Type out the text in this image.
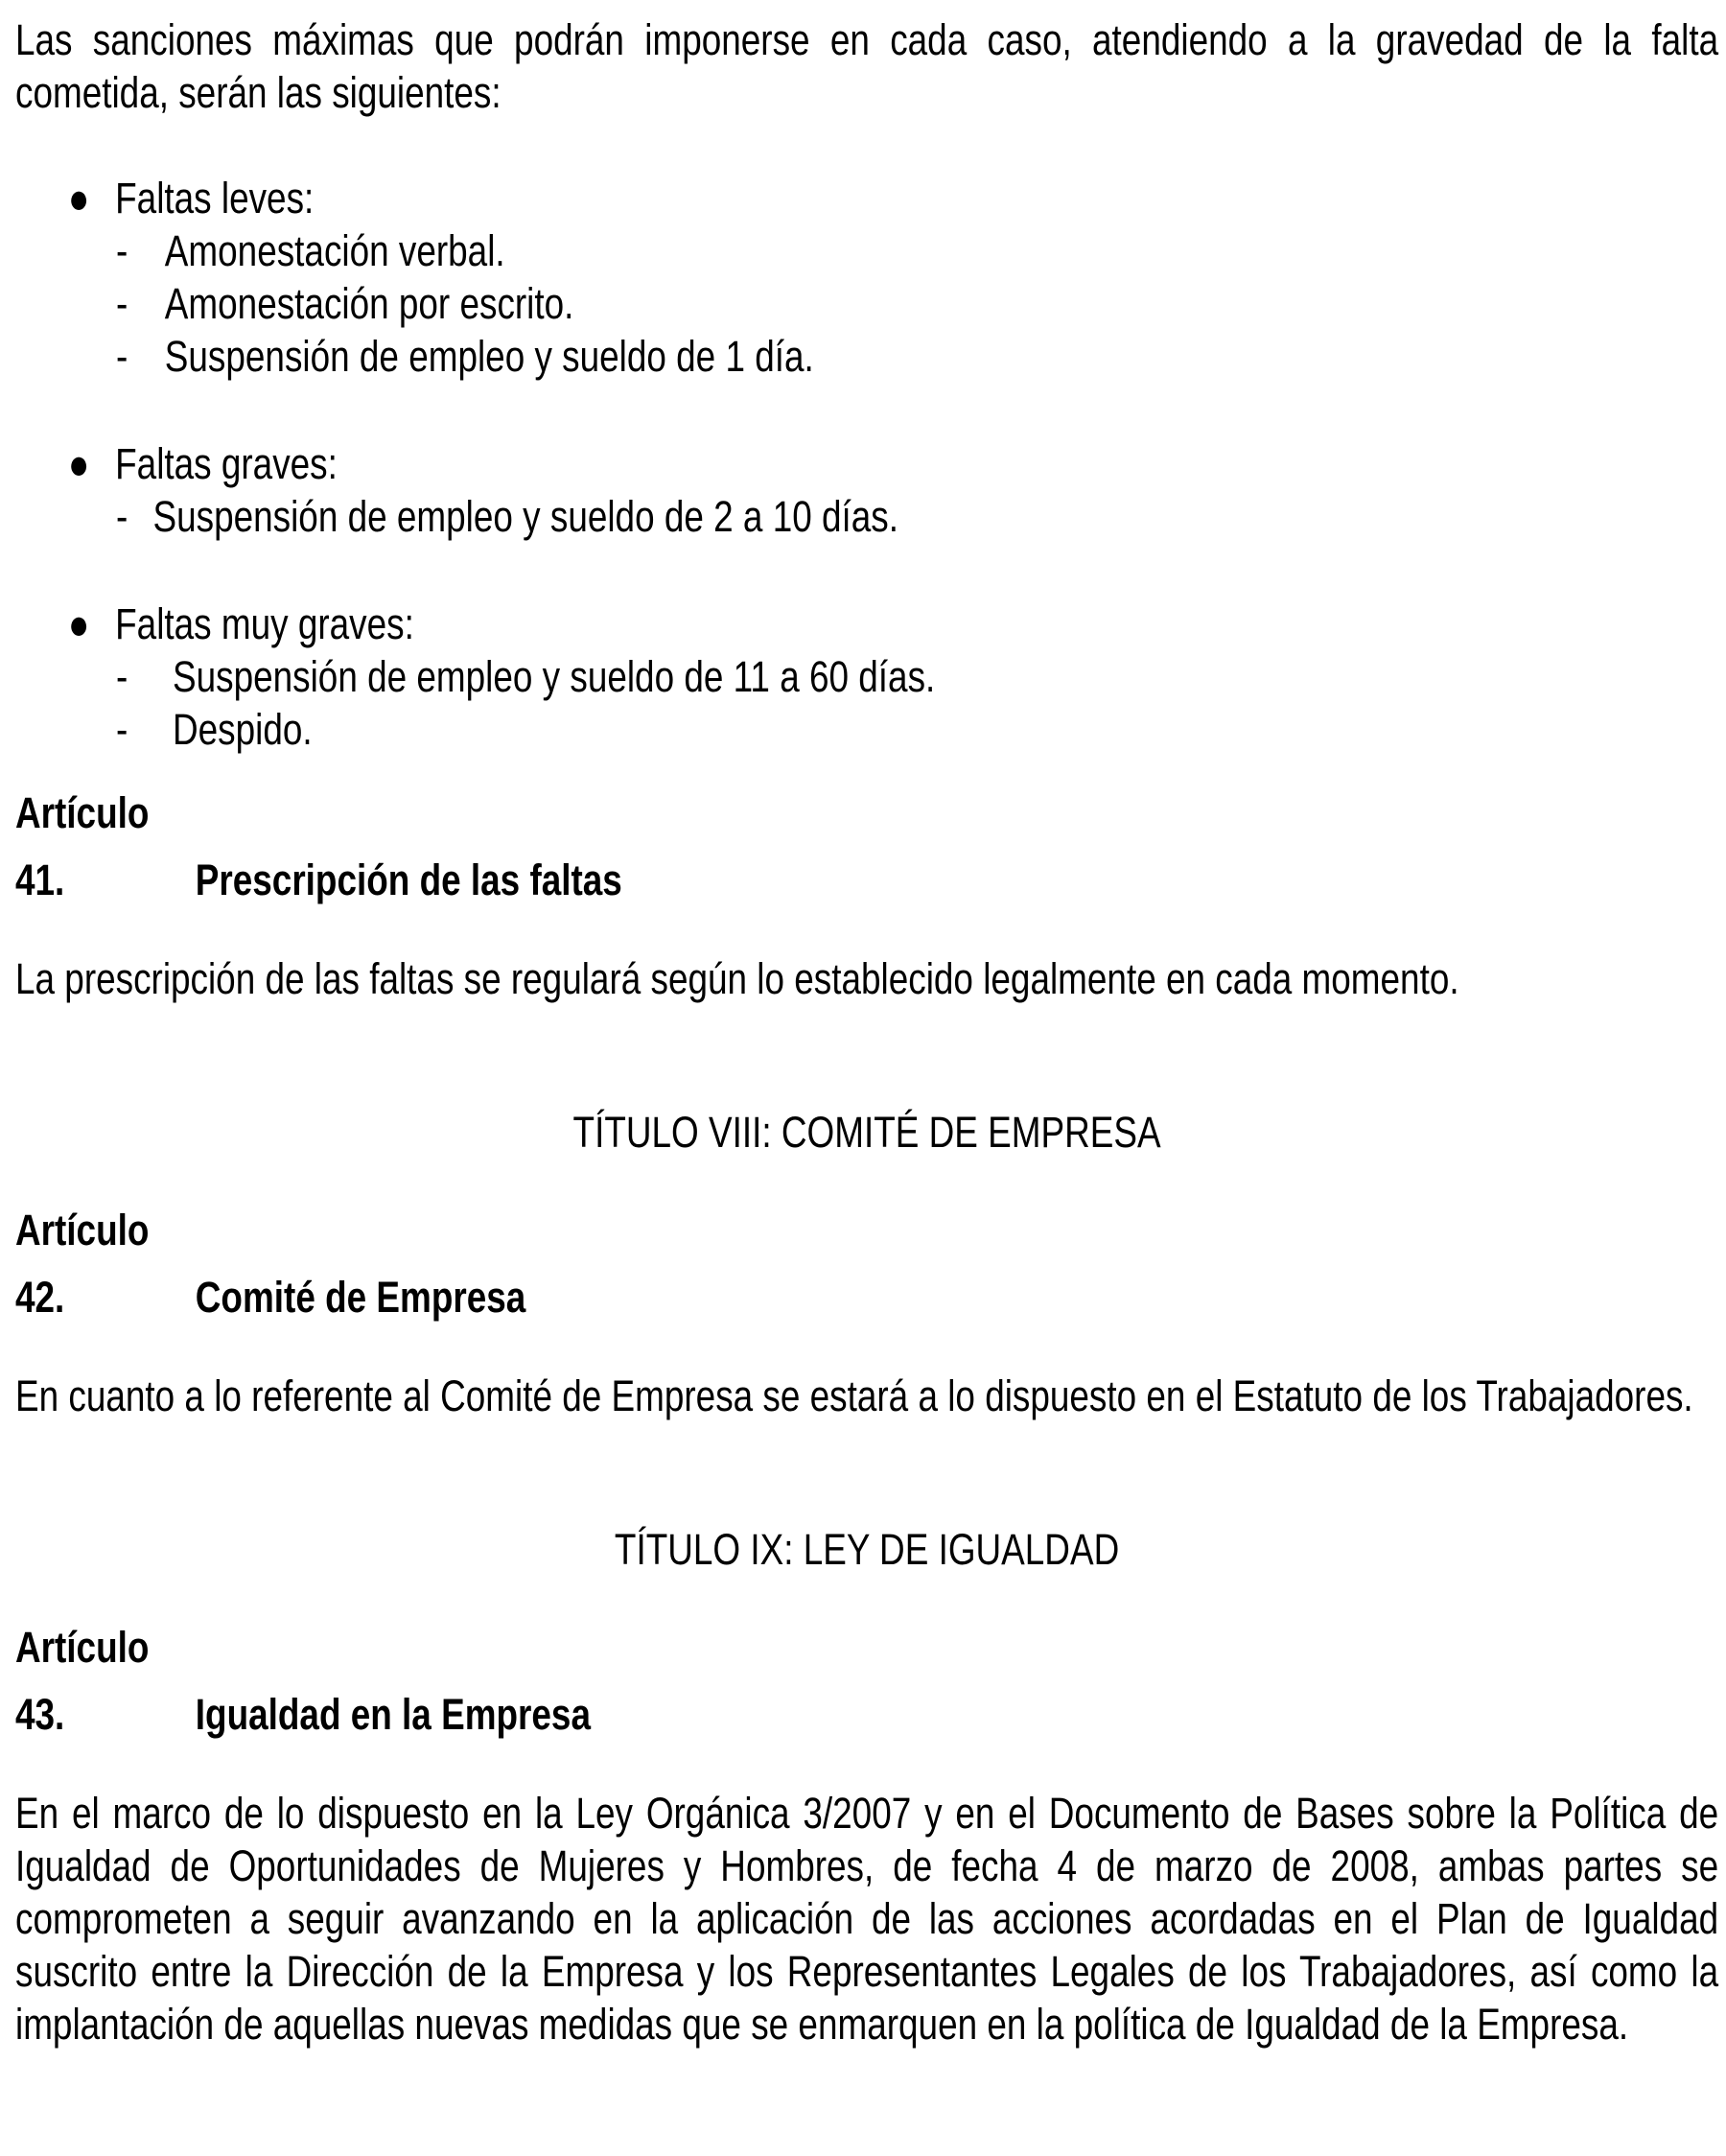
Las sanciones máximas que podrán imponerse en cada caso, atendiendo a la gravedad de la falta cometida, serán las siguientes:

● Faltas leves:
- Amonestación verbal.
- Amonestación por escrito.
- Suspensión de empleo y sueldo de 1 día.
● Faltas graves:
- Suspensión de empleo y sueldo de 2 a 10 días.
● Faltas muy graves:
- Suspensión de empleo y sueldo de 11 a 60 días.
- Despido.
Artículo 41.	Prescripción de las faltas

La prescripción de las faltas se regulará según lo establecido legalmente en cada momento.

TÍTULO VIII: COMITÉ DE EMPRESA

Artículo 42.	Comité de Empresa

En cuanto a lo referente al Comité de Empresa se estará a lo dispuesto en el Estatuto de los Trabajadores.

TÍTULO IX: LEY DE IGUALDAD

Artículo 43.	Igualdad en la Empresa

En el marco de lo dispuesto en la Ley Orgánica 3/2007 y en el Documento de Bases sobre la Política de Igualdad de Oportunidades de Mujeres y Hombres, de fecha 4 de marzo de 2008, ambas partes se comprometen a seguir avanzando en la aplicación de las acciones acordadas en el Plan de Igualdad suscrito entre la Dirección de la Empresa y los Representantes Legales de los Trabajadores, así como la implantación de aquellas nuevas medidas que se enmarquen en la política de Igualdad de la Empresa.
